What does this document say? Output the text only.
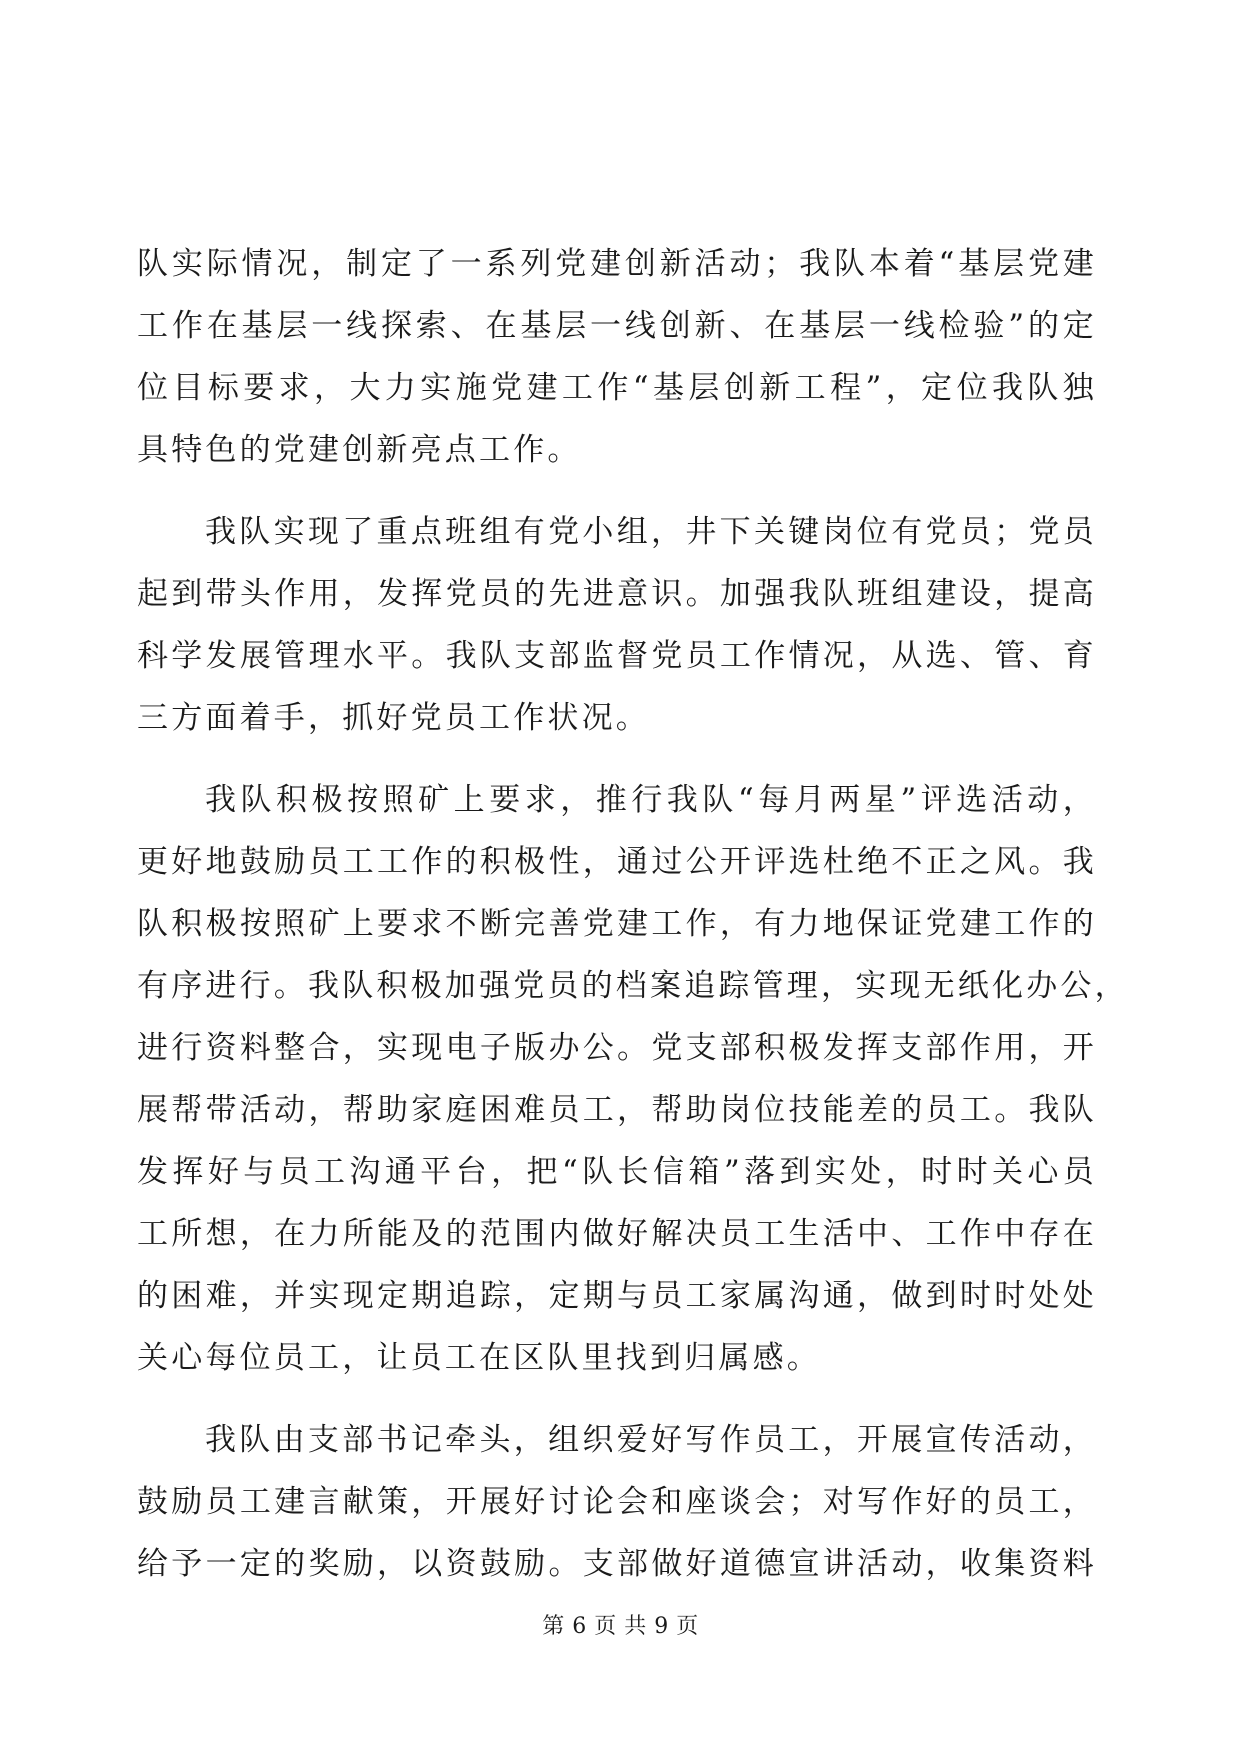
队实际情况，制定了一系列党建创新活动；我队本着“基层党建
工作在基层一线探索、在基层一线创新、在基层一线检验”的定
位目标要求，大力实施党建工作“基层创新工程”，定位我队独
具特色的党建创新亮点工作。
我队实现了重点班组有党小组，井下关键岗位有党员；党员
起到带头作用，发挥党员的先进意识。加强我队班组建设，提高
科学发展管理水平。我队支部监督党员工作情况，从选、管、育
三方面着手，抓好党员工作状况。
我队积极按照矿上要求，推行我队“每月两星”评选活动，
更好地鼓励员工工作的积极性，通过公开评选杜绝不正之风。我
队积极按照矿上要求不断完善党建工作，有力地保证党建工作的
有序进行。我队积极加强党员的档案追踪管理，实现无纸化办公，
进行资料整合，实现电子版办公。党支部积极发挥支部作用，开
展帮带活动，帮助家庭困难员工，帮助岗位技能差的员工。我队
发挥好与员工沟通平台，把“队长信箱”落到实处，时时关心员
工所想，在力所能及的范围内做好解决员工生活中、工作中存在
的困难，并实现定期追踪，定期与员工家属沟通，做到时时处处
关心每位员工，让员工在区队里找到归属感。
我队由支部书记牵头，组织爱好写作员工，开展宣传活动，
鼓励员工建言献策，开展好讨论会和座谈会；对写作好的员工，
给予一定的奖励，以资鼓励。支部做好道德宣讲活动，收集资料
第 6 页 共 9 页
